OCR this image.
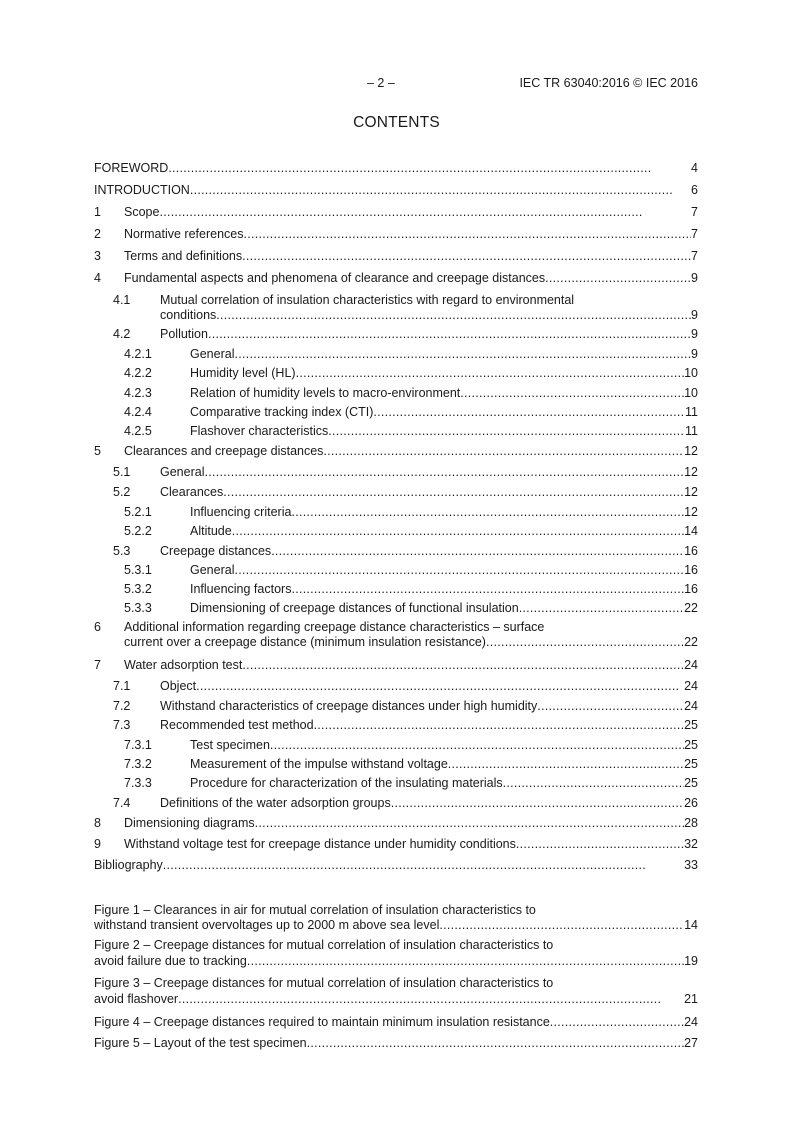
– 2 –	IEC TR 63040:2016 © IEC 2016
CONTENTS
FOREWORD . . .	4
INTRODUCTION . . .	6
1 Scope . . .	7
2 Normative references . . .	7
3 Terms and definitions . . .	7
4 Fundamental aspects and phenomena of clearance and creepage distances . . .	9
4.1 Mutual correlation of insulation characteristics with regard to environmental
conditions . . .	9
4.2 Pollution . . .	9
4.2.1	General . . .	9
4.2.2	Humidity level (HL) . . .	10
4.2.3	Relation of humidity levels to macro-environment . . .	10
4.2.4	Comparative tracking index (CTI) . . .	11
4.2.5	Flashover characteristics . . .	11
5 Clearances and creepage distances . . .	12
5.1 General . . .	12
5.2 Clearances . . .	12
5.2.1	Influencing criteria . . .	12
5.2.2	Altitude . . .	14
5.3 Creepage distances . . .	16
5.3.1	General . . .	16
5.3.2	Influencing factors . . .	16
5.3.3	Dimensioning of creepage distances of functional insulation . . .	22
6 Additional information regarding creepage distance characteristics – surface
current over a creepage distance (minimum insulation resistance) . . .	22
7 Water adsorption test . . .	24
7.1 Object . . .	24
7.2 Withstand characteristics of creepage distances under high humidity . . .	24
7.3 Recommended test method . . .	25
7.3.1	Test specimen . . .	25
7.3.2	Measurement of the impulse withstand voltage . . .	25
7.3.3	Procedure for characterization of the insulating materials . . .	25
7.4 Definitions of the water adsorption groups . . .	26
8 Dimensioning diagrams . . .	28
9 Withstand voltage test for creepage distance under humidity conditions . . .	32
Bibliography . . .	33
Figure 1 – Clearances in air for mutual correlation of insulation characteristics to
withstand transient overvoltages up to 2000 m above sea level . . .	14
Figure 2 – Creepage distances for mutual correlation of insulation characteristics to
avoid failure due to tracking . . .	19
Figure 3 – Creepage distances for mutual correlation of insulation characteristics to
avoid flashover . . .	21
Figure 4 – Creepage distances required to maintain minimum insulation resistance . . .	24
Figure 5 – Layout of the test specimen . . .	27
